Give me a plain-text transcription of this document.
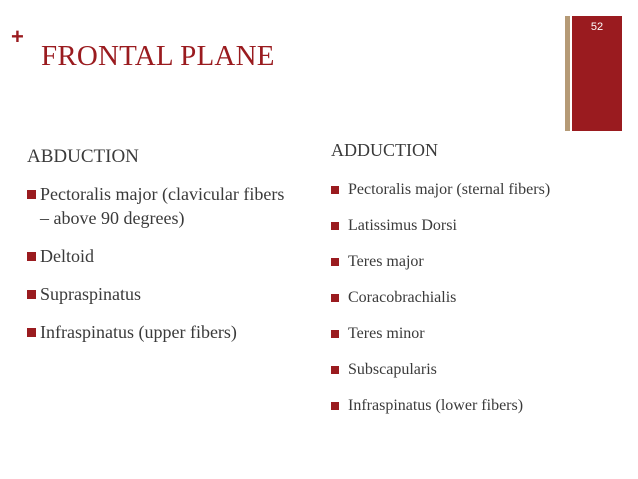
52
+
FRONTAL PLANE
ABDUCTION
Pectoralis major (clavicular fibers – above 90 degrees)
Deltoid
Supraspinatus
Infraspinatus (upper fibers)
ADDUCTION
Pectoralis major (sternal fibers)
Latissimus Dorsi
Teres major
Coracobrachialis
Teres minor
Subscapularis
Infraspinatus (lower fibers)
